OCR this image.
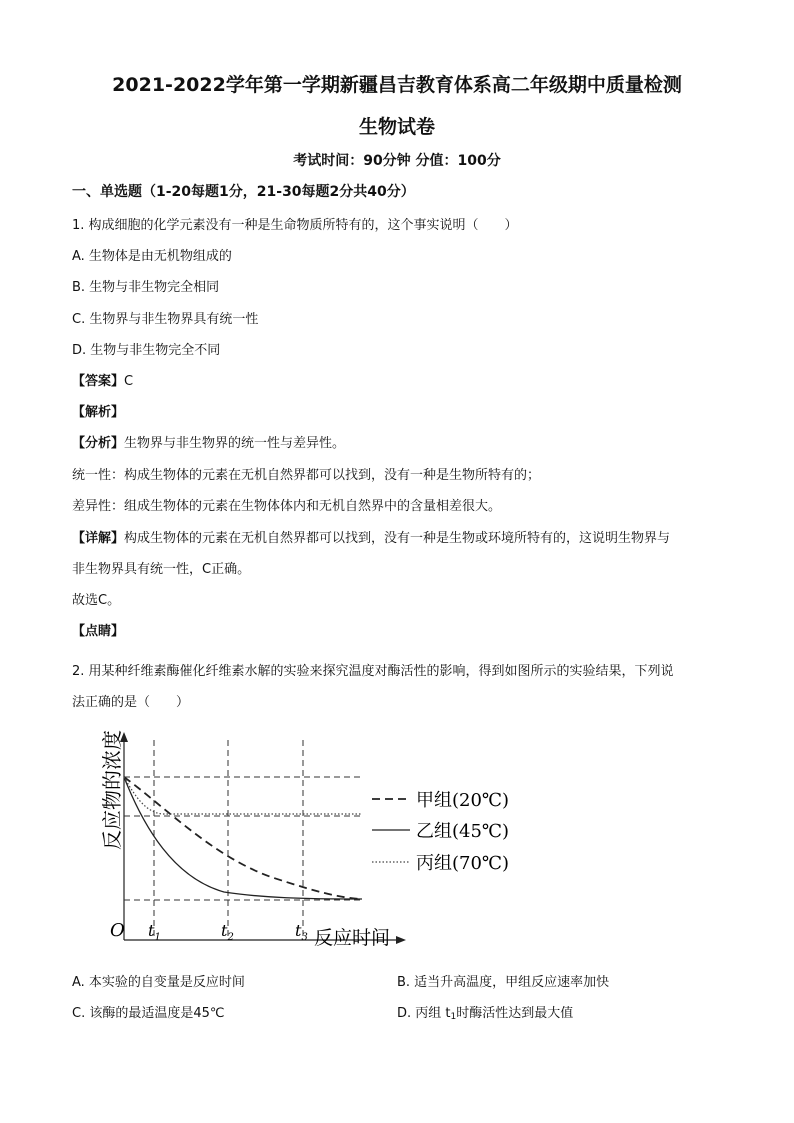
2021-2022学年第一学期新疆昌吉教育体系高二年级期中质量检测
生物试卷
考试时间：90分钟 分值：100分
一、单选题（1-20每题1分，21-30每题2分共40分）
1. 构成细胞的化学元素没有一种是生命物质所特有的，这个事实说明（　　）
A. 生物体是由无机物组成的
B. 生物与非生物完全相同
C. 生物界与非生物界具有统一性
D. 生物与非生物完全不同
【答案】C
【解析】
【分析】生物界与非生物界的统一性与差异性。
统一性：构成生物体的元素在无机自然界都可以找到，没有一种是生物所特有的；
差异性：组成生物体的元素在生物体体内和无机自然界中的含量相差很大。
【详解】构成生物体的元素在无机自然界都可以找到，没有一种是生物或环境所特有的，这说明生物界与
非生物界具有统一性，C正确。
故选C。
【点睛】
2. 用某种纤维素酶催化纤维素水解的实验来探究温度对酶活性的影响，得到如图所示的实验结果，下列说
法正确的是（　　）
反应物的浓度
O	反应时间
$t_1$	$t_2$	$t_3$
甲组(20℃)
乙组(45℃)
丙组(70℃)
A. 本实验的自变量是反应时间	B. 适当升高温度，甲组反应速率加快
C. 该酶的最适温度是45℃	D. 丙组 t1时酶活性达到最大值
